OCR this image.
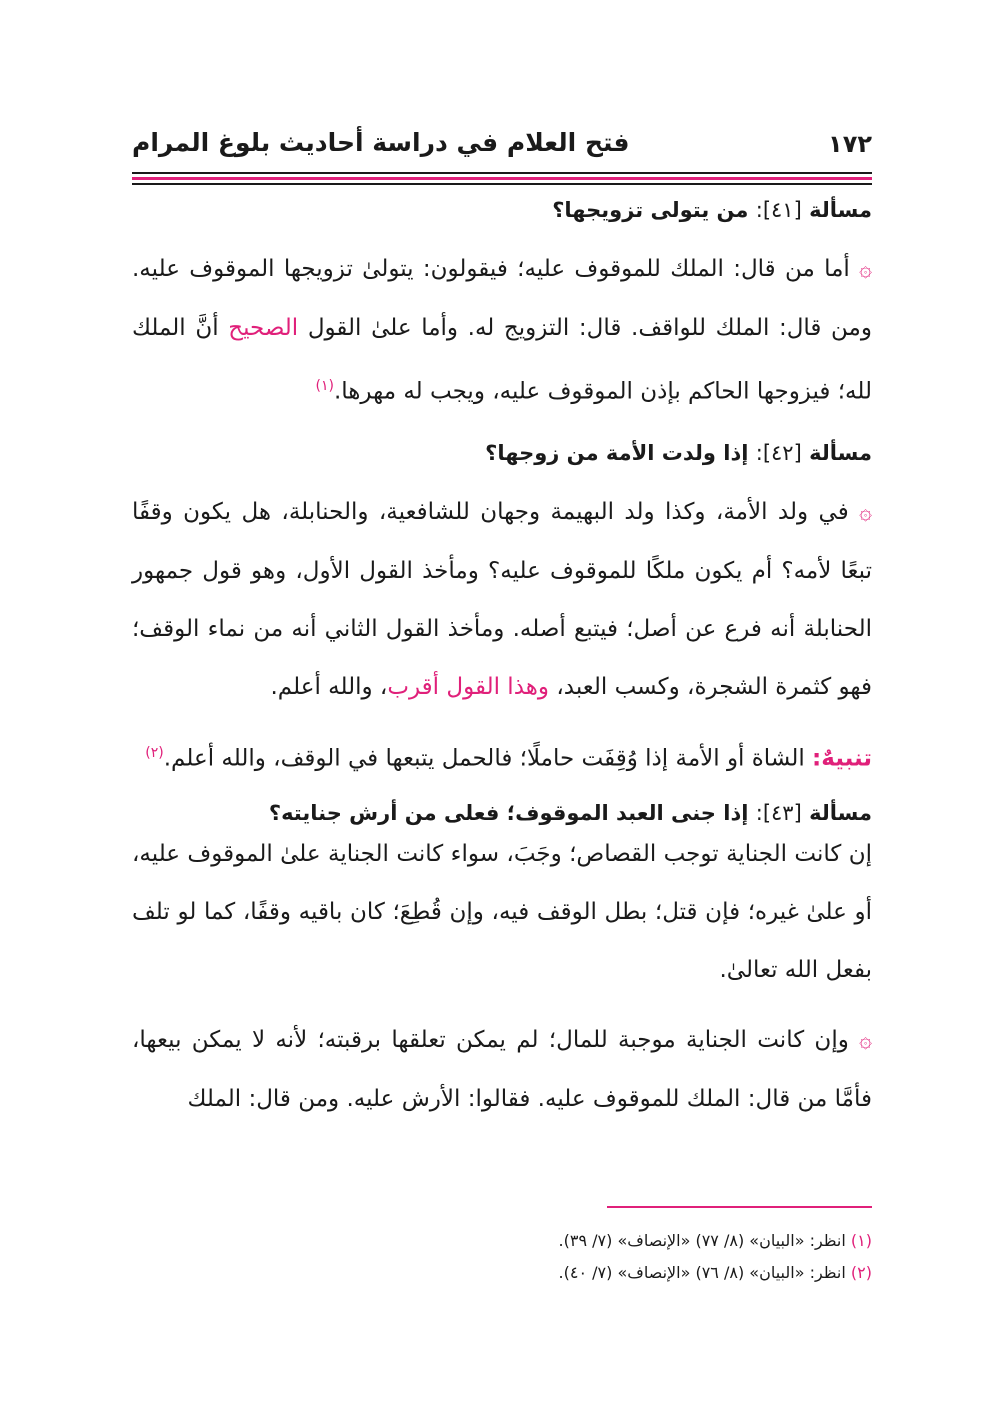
١٧٢
فتح العلام في دراسة أحاديث بلوغ المرام

مسألة [٤١]: من يتولى تزويجها؟

۞ أما من قال: الملك للموقوف عليه؛ فيقولون: يتولىٰ تزويجها الموقوف عليه. ومن قال: الملك للواقف. قال: التزويج له. وأما علىٰ القول الصحيح أنَّ الملك لله؛ فيزوجها الحاكم بإذن الموقوف عليه، ويجب له مهرها.$^{(١)}$

مسألة [٤٢]: إذا ولدت الأمة من زوجها؟

۞ في ولد الأمة، وكذا ولد البهيمة وجهان للشافعية، والحنابلة، هل يكون وقفًا تبعًا لأمه؟ أم يكون ملكًا للموقوف عليه؟ ومأخذ القول الأول، وهو قول جمهور الحنابلة أنه فرع عن أصل؛ فيتبع أصله. ومأخذ القول الثاني أنه من نماء الوقف؛ فهو كثمرة الشجرة، وكسب العبد، وهذا القول أقرب، والله أعلم.

تنبيهٌ: الشاة أو الأمة إذا وُقِفَت حاملًا؛ فالحمل يتبعها في الوقف، والله أعلم.$^{(٢)}$

مسألة [٤٣]: إذا جنى العبد الموقوف؛ فعلى من أرش جنايته؟

إن كانت الجناية توجب القصاص؛ وجَبَ، سواء كانت الجناية علىٰ الموقوف عليه، أو علىٰ غيره؛ فإن قتل؛ بطل الوقف فيه، وإن قُطِعَ؛ كان باقيه وقفًا، كما لو تلف بفعل الله تعالىٰ.

۞ وإن كانت الجناية موجبة للمال؛ لم يمكن تعلقها برقبته؛ لأنه لا يمكن بيعها، فأمَّا من قال: الملك للموقوف عليه. فقالوا: الأرش عليه. ومن قال: الملك

(١) انظر: «البيان» (٨/ ٧٧) «الإنصاف» (٧/ ٣٩).
(٢) انظر: «البيان» (٨/ ٧٦) «الإنصاف» (٧/ ٤٠).
